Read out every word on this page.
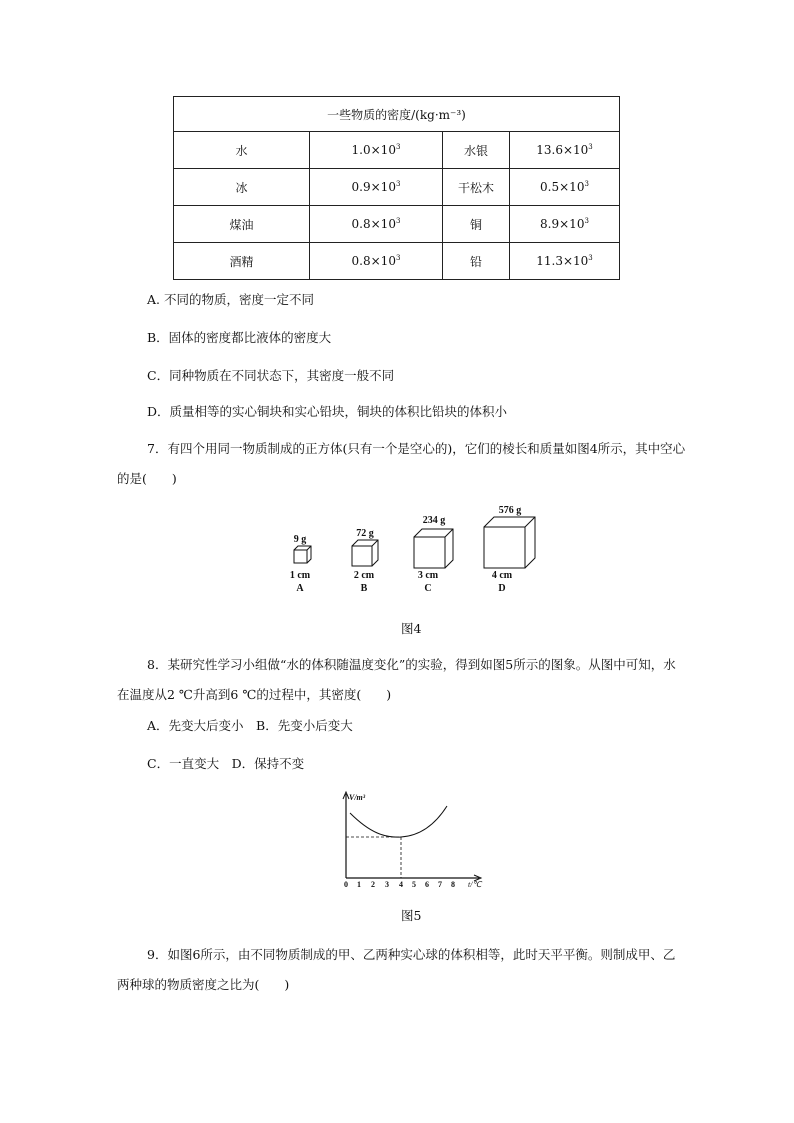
一些物质的密度/(kg·m⁻³)			
水	$1.0\times 10^3$	水银	$13.6\times 10^3$
冰	$0.9\times 10^3$	干松木	$0.5\times 10^3$
煤油	$0.8\times 10^3$	铜	$8.9\times 10^3$
酒精	$0.8\times 10^3$	铅	$11.3\times 10^3$
A. 不同的物质，密度一定不同
B．固体的密度都比液体的密度大
C．同种物质在不同状态下，其密度一般不同
D．质量相等的实心铜块和实心铅块，铜块的体积比铅块的体积小
7．有四个用同一物质制成的正方体(只有一个是空心的)，它们的棱长和质量如图4所示，其中空心的是(　　)
9 g
72 g
234 g
576 g
1 cm	2 cm	3 cm	4 cm
A	B	C	D
图4
8．某研究性学习小组做“水的体积随温度变化”的实验，得到如图5所示的图象。从图中可知，水在温度从2 ℃升高到6 ℃的过程中，其密度(　　)
A．先变大后变小　B．先变小后变大
C．一直变大　D．保持不变
V/m³
0 1 2 3 4 5 6 7 8 t/℃
图5
9．如图6所示，由不同物质制成的甲、乙两种实心球的体积相等，此时天平平衡。则制成甲、乙两种球的物质密度之比为(　　)
